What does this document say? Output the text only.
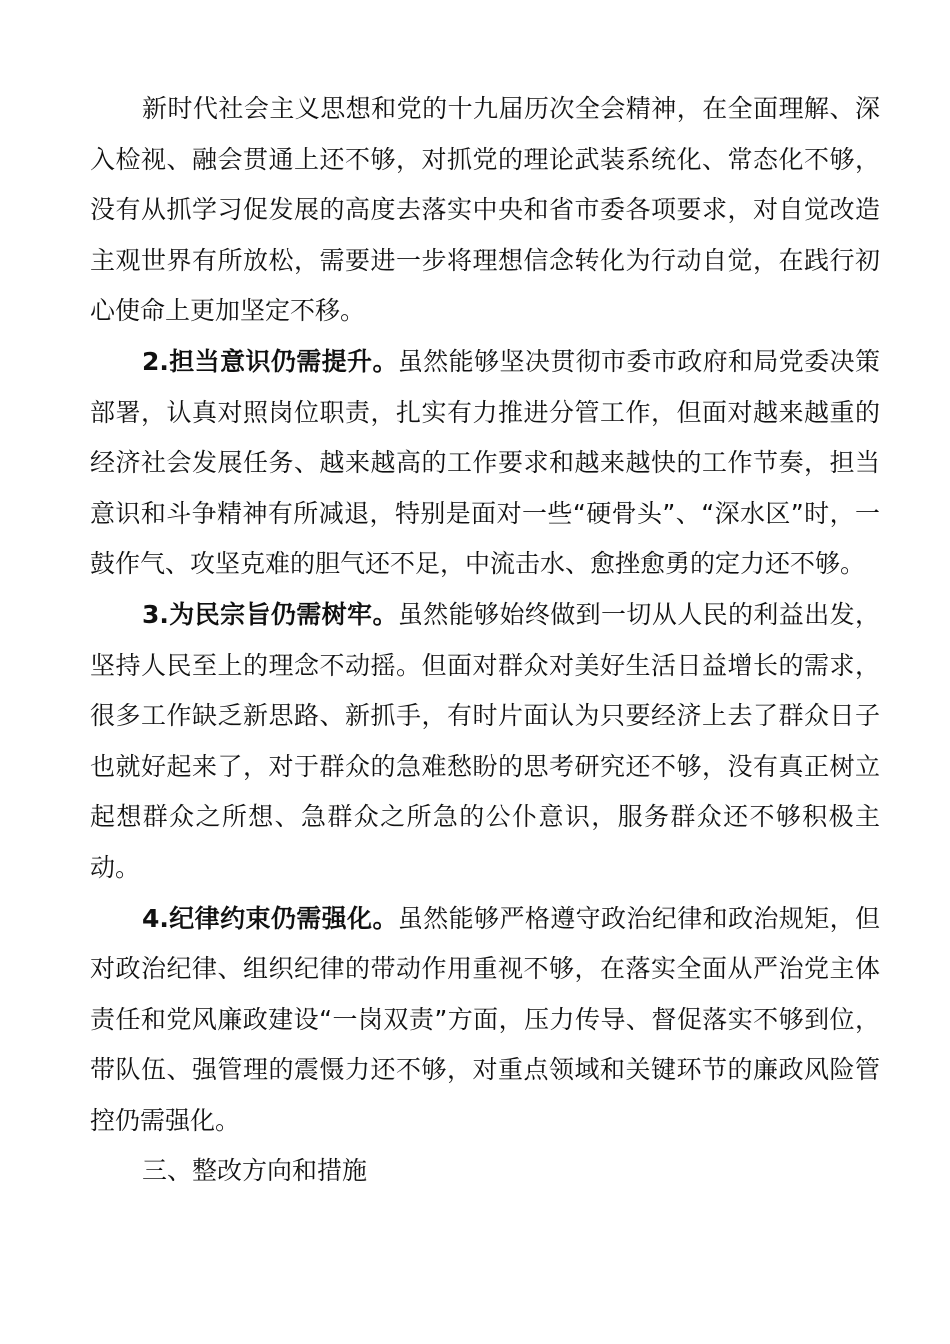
新时代社会主义思想和党的十九届历次全会精神，在全面理解、深入检视、融会贯通上还不够，对抓党的理论武装系统化、常态化不够，没有从抓学习促发展的高度去落实中央和省市委各项要求，对自觉改造主观世界有所放松，需要进一步将理想信念转化为行动自觉，在践行初心使命上更加坚定不移。

2.担当意识仍需提升。虽然能够坚决贯彻市委市政府和局党委决策部署，认真对照岗位职责，扎实有力推进分管工作，但面对越来越重的经济社会发展任务、越来越高的工作要求和越来越快的工作节奏，担当意识和斗争精神有所减退，特别是面对一些“硬骨头”、“深水区”时，一鼓作气、攻坚克难的胆气还不足，中流击水、愈挫愈勇的定力还不够。

3.为民宗旨仍需树牢。虽然能够始终做到一切从人民的利益出发，坚持人民至上的理念不动摇。但面对群众对美好生活日益增长的需求，很多工作缺乏新思路、新抓手，有时片面认为只要经济上去了群众日子也就好起来了，对于群众的急难愁盼的思考研究还不够，没有真正树立起想群众之所想、急群众之所急的公仆意识，服务群众还不够积极主动。

4.纪律约束仍需强化。虽然能够严格遵守政治纪律和政治规矩，但对政治纪律、组织纪律的带动作用重视不够，在落实全面从严治党主体责任和党风廉政建设“一岗双责”方面，压力传导、督促落实不够到位，带队伍、强管理的震慑力还不够，对重点领域和关键环节的廉政风险管控仍需强化。

三、整改方向和措施
